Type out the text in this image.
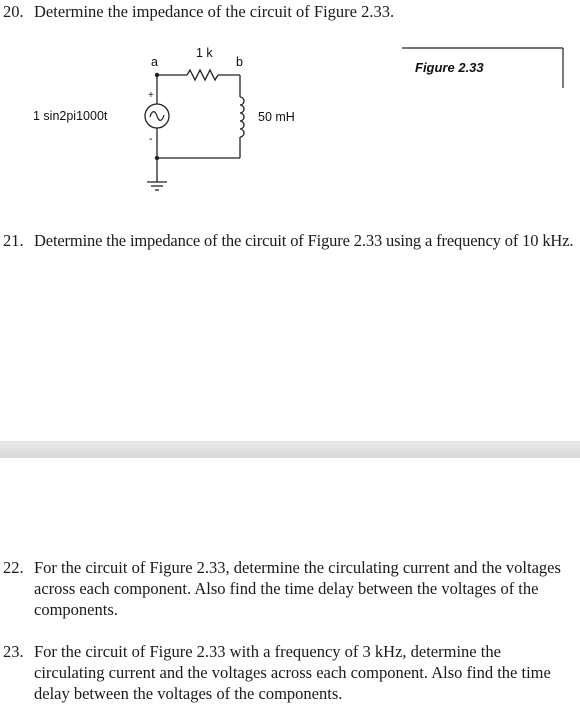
20. Determine the impedance of the circuit of Figure 2.33.
Figure 2.33
a
1 k
b
+
-
1 sin2pi1000t	50 mH
21. Determine the impedance of the circuit of Figure 2.33 using a frequency of 10 kHz.
22. For the circuit of Figure 2.33, determine the circulating current and the voltages across each component. Also find the time delay between the voltages of the components.
23. For the circuit of Figure 2.33 with a frequency of 3 kHz, determine the circulating current and the voltages across each component. Also find the time delay between the voltages of the components.
